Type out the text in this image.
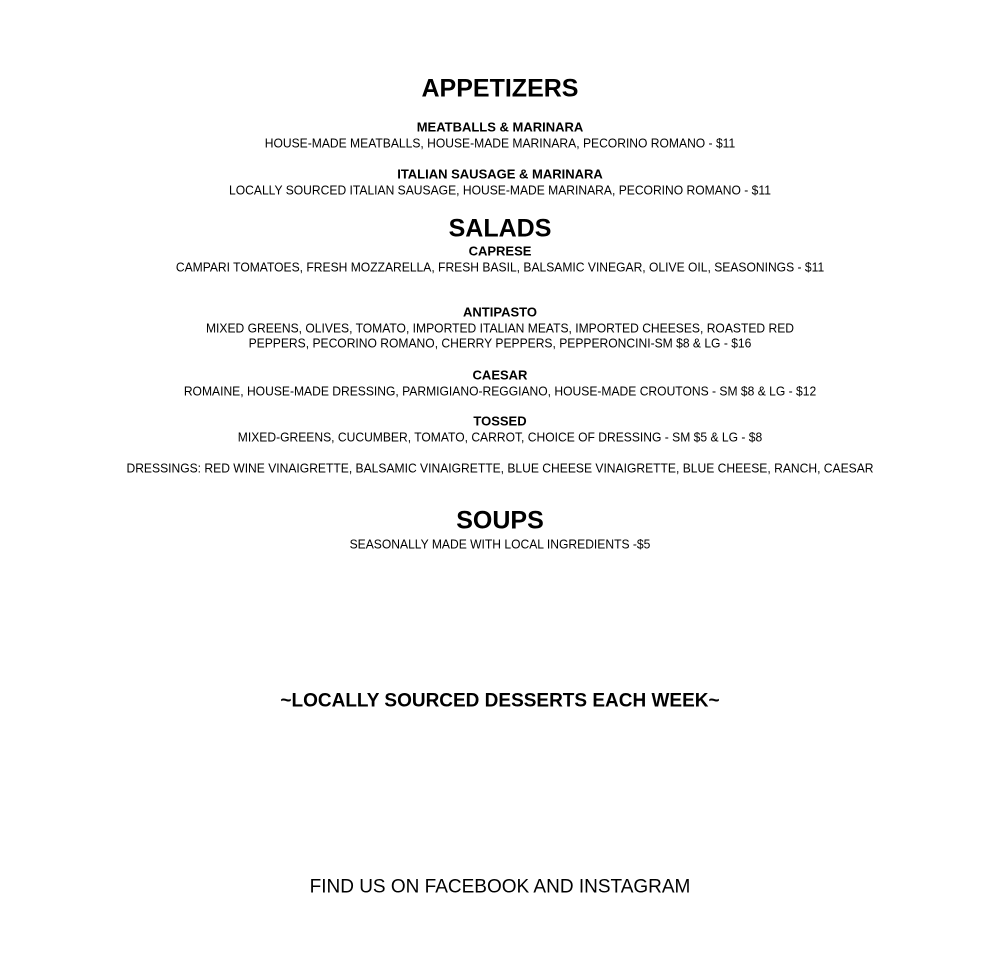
APPETIZERS
MEATBALLS & MARINARA
HOUSE-MADE MEATBALLS, HOUSE-MADE MARINARA, PECORINO ROMANO - $11
ITALIAN SAUSAGE & MARINARA
LOCALLY SOURCED ITALIAN SAUSAGE, HOUSE-MADE MARINARA, PECORINO ROMANO - $11
SALADS
CAPRESE
CAMPARI TOMATOES, FRESH MOZZARELLA, FRESH BASIL, BALSAMIC VINEGAR, OLIVE OIL, SEASONINGS - $11
ANTIPASTO
MIXED GREENS, OLIVES, TOMATO, IMPORTED ITALIAN MEATS, IMPORTED CHEESES, ROASTED RED
PEPPERS, PECORINO ROMANO, CHERRY PEPPERS, PEPPERONCINI-SM $8 & LG - $16
CAESAR
ROMAINE, HOUSE-MADE DRESSING, PARMIGIANO-REGGIANO, HOUSE-MADE CROUTONS - SM $8 & LG - $12
TOSSED
MIXED-GREENS, CUCUMBER, TOMATO, CARROT, CHOICE OF DRESSING - SM $5 & LG - $8
DRESSINGS: RED WINE VINAIGRETTE, BALSAMIC VINAIGRETTE, BLUE CHEESE VINAIGRETTE, BLUE CHEESE, RANCH, CAESAR
SOUPS
SEASONALLY MADE WITH LOCAL INGREDIENTS -$5
~LOCALLY SOURCED DESSERTS EACH WEEK~
FIND US ON FACEBOOK AND INSTAGRAM
